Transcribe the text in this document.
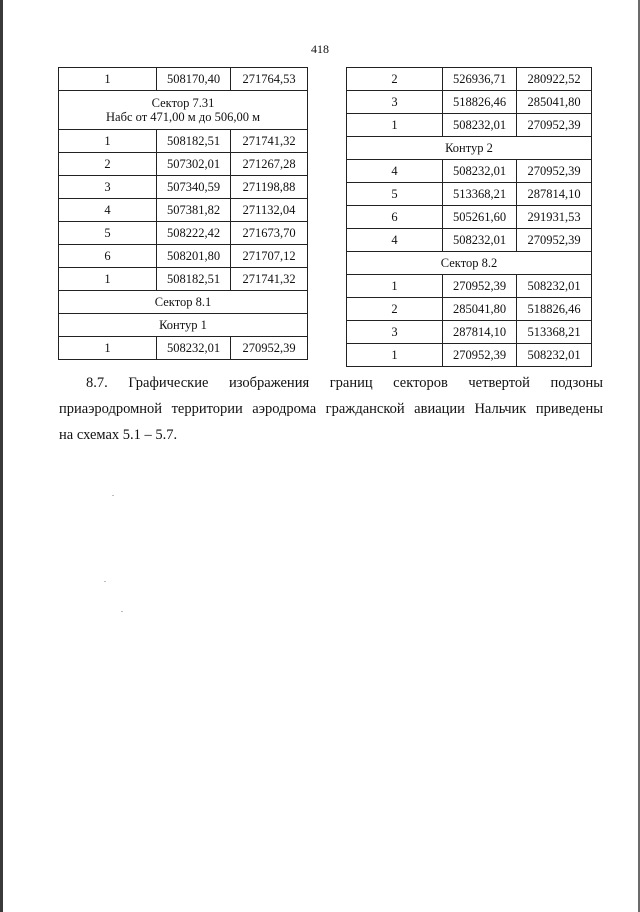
418
1	508170,40	271764,53

Сектор 7.31
Набс от 471,00 м до 506,00 м		

1	508182,51	271741,32
2	507302,01	271267,28
3	507340,59	271198,88
4	507381,82	271132,04
5	508222,42	271673,70
6	508201,80	271707,12
1	508182,51	271741,32
Сектор 8.1		
Контур 1		
1	508232,01	270952,39
2	526936,71	280922,52
3	518826,46	285041,80
1	508232,01	270952,39
Контур 2		
4	508232,01	270952,39
5	513368,21	287814,10
6	505261,60	291931,53
4	508232,01	270952,39
Сектор 8.2		
1	270952,39	508232,01
2	285041,80	518826,46
3	287814,10	513368,21
1	270952,39	508232,01
8.7. Графические изображения границ секторов четвертой подзоны
приаэродромной территории аэродрома гражданской авиации Нальчик приведены
на схемах 5.1 – 5.7.
